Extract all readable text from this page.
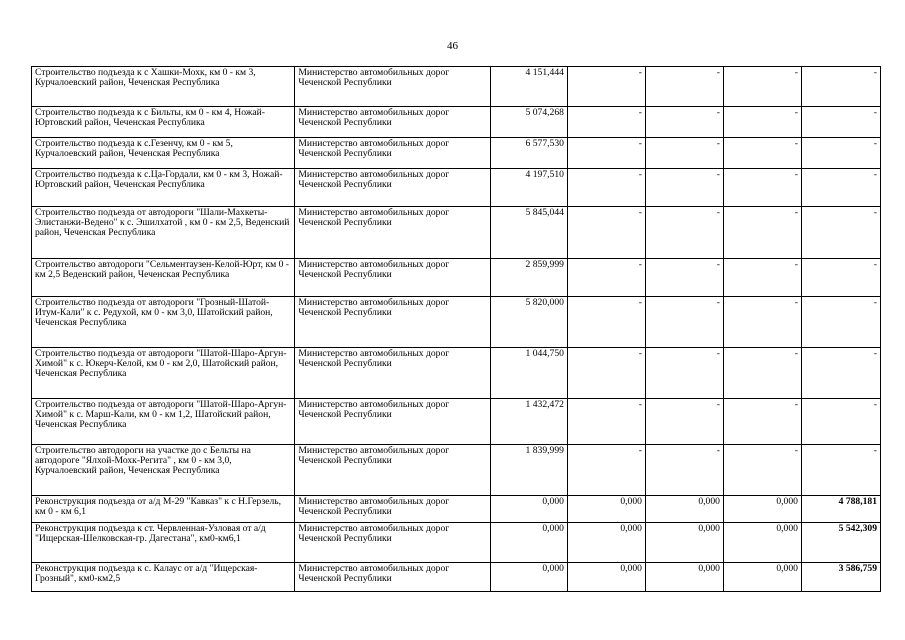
46
Строительство подъезда к с Хашки-Мохк, км 0 - км 3, Курчалоевский район, Чеченская Республика	Министерство автомобильных дорог Чеченской Республики	4 151,444	-	-	-	-
Строительство подъезда к с Бильты, км 0 - км 4, Ножай-Юртовский район, Чеченская Республика	Министерство автомобильных дорог Чеченской Республики	5 074,268	-	-	-	-
Строительство подъезда к с.Гезенчу, км 0 - км 5, Курчалоевский район, Чеченская Республика	Министерство автомобильных дорог Чеченской Республики	6 577,530	-	-	-	-
Строительство подъезда к с.Ца-Гордали, км 0 - км 3, Ножай-Юртовский район, Чеченская Республика	Министерство автомобильных дорог Чеченской Республики	4 197,510	-	-	-	-
Строительство подъезда от автодороги "Шали-Махкеты-Элистанжи-Ведено" к с. Эшилхатой , км 0 - км 2,5, Веденский район, Чеченская Республика	Министерство автомобильных дорог Чеченской Республики	5 845,044	-	-	-	-
Строительство автодороги "Сельментаузен-Келой-Юрт, км 0 - км 2,5 Веденский район, Чеченская Республика	Министерство автомобильных дорог Чеченской Республики	2 859,999	-	-	-	-
Строительство подъезда от автодороги "Грозный-Шатой-Итум-Кали" к с. Редухой, км 0 - км 3,0, Шатойский район, Чеченская Республика	Министерство автомобильных дорог Чеченской Республики	5 820,000	-	-	-	-
Строительство подъезда от автодороги "Шатой-Шаро-Аргун-Химой" к с. Юкерч-Келой, км 0 - км 2,0, Шатойский район, Чеченская Республика	Министерство автомобильных дорог Чеченской Республики	1 044,750	-	-	-	-
Строительство подъезда от автодороги "Шатой-Шаро-Аргун-Химой" к с. Марш-Кали, км 0 - км 1,2, Шатойский район, Чеченская Республика	Министерство автомобильных дорог Чеченской Республики	1 432,472	-	-	-	-
Строительство автодороги на участке до с Бельты на автодороге "Ялхой-Мохк-Регита" , км 0 - км 3,0, Курчалоевский район, Чеченская Республика	Министерство автомобильных дорог Чеченской Республики	1 839,999	-	-	-	-
Реконструкция подъезда от а/д М-29 "Кавказ" к с Н.Герзель, км 0 - км 6,1	Министерство автомобильных дорог Чеченской Республики	0,000	0,000	0,000	0,000	4 788,181
Реконструкция подъезда к ст. Червленная-Узловая от а/д "Ищерская-Шелковская-гр. Дагестана", км0-км6,1	Министерство автомобильных дорог Чеченской Республики	0,000	0,000	0,000	0,000	5 542,309
Реконструкция подъезда к с. Калаус от а/д "Ищерская-Грозный", км0-км2,5	Министерство автомобильных дорог Чеченской Республики	0,000	0,000	0,000	0,000	3 586,759
